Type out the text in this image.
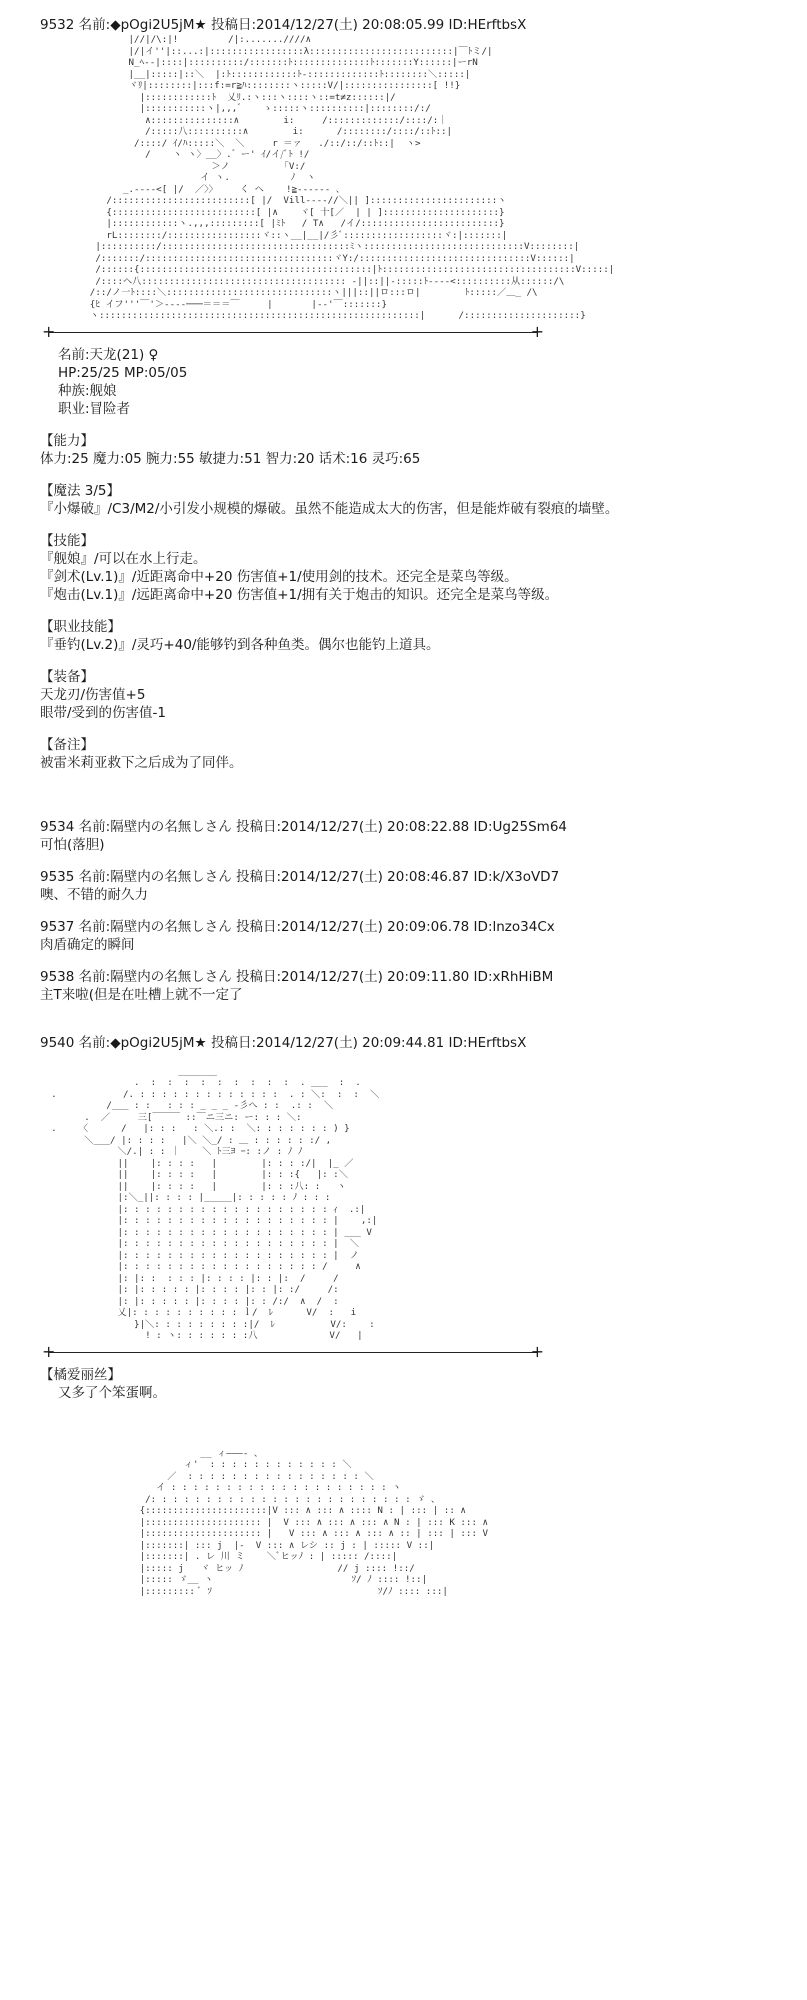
9532 名前:◆pOgi2U5jM★ 投稿日:2014/12/27(土) 20:08:05.99 ID:HErftbsX
|//|/\:|!         /|:.......////∧
|/|イ''|::...:|:::::::::::::::::λ::::::::::::::::::::::::::|￣ﾄミ/|
N_ﾍ--|::::|::::::::::/:::::::ﾄ::::::::::::::ﾄ:::::::Y::::::|ーrN
|__|:::::|::＼  |:ﾄ::::::::::::ﾄ-:::::::::::::ﾄ::::::::＼:::::|
ヾﾘ|::::::::|:::f:=r≧ﾊ::::::::ヽ:::::V/|::::::::::::::::[ !!}
|::::::::::::ﾄ  乂ﾘ.:ヽ:::ヽ::::ヽ::=t≠z::::::|/
|:::::::::::ヽ|,,,゛   ゝ:::::ヽ::::::::::|::::::::/:/
∧:::::::::::::::∧        i:     /:::::::::::::/::::/:｜
/:::::八::::::::::∧        i:      /::::::::/::::/::ﾄ::|
/::::/ ｲ/ﾊ:::::＼  ＼     r ＝ァ   ./::/::/::ﾄ::|  ヽ>
/    ヽ ヽ〉__〉.゛ー' ｲ/イ/ﾞﾄ !/
＞ノ         「V:/
イ ヽ.           ﾉ  ヽ
_.----<[ |/  ／〉〉    く ヘ    !≧------ 、
/:::::::::::::::::::::::::[ |/  Vill----//＼|| ]:::::::::::::::::::::::ヽ
{::::::::::::::::::::::::::[ |∧    ヾ[ 十[／  | | ]:::::::::::::::::::::}
|::::::::::::ヽ.,,,:::::::::[ |ﾐﾄ   / T∧   /イ/:::::::::::::::::::::::::}
rL::::::::/:::::::::::::::::ヾ::ヽ__|__|/彡ﾞ::::::::::::::::::ヾ:|:::::::|
|::::::::::/::::::::::::::::::::::::::::::::::ﾐヽ:::::::::::::::::::::::::::::V::::::::|
/:::::::/::::::::::::::::::::::::::::::::::ヾY:/:::::::::::::::::::::::::::::::V::::::|
/::::::{::::::::::::::::::::::::::::::::::::::::::|ﾄ:::::::::::::::::::::::::::::::::::V:::::|
/::::ヘ八::::::::::::::::::::::::::::::::::::: -||::||-:::::ﾄ----<::::::::::从::::::/\
/::/ノ一ﾄ::::＼::::::::::::::::::::::::::::::ヽ|||::||ロ:::ロ|        ﾄ:::::／＿_ /\
{ﾋ イフ'''￣'＞----───＝＝＝￣     |       |--'￣:::::::}
ヽ::::::::::::::::::::::::::::::::::::::::::::::::::::::::::|      /:::::::::::::::::::::}
+	+
名前:天龙(21) ♀
HP:25/25 MP:05/05
种族:舰娘
职业:冒险者
【能力】
体力:25 魔力:05 腕力:55 敏捷力:51 智力:20 话术:16 灵巧:65
【魔法 3/5】
『小爆破』/C3/M2/小引发小规模的爆破。虽然不能造成太大的伤害，但是能炸破有裂痕的墙壁。
【技能】
『舰娘』/可以在水上行走。
『剑术(Lv.1)』/近距离命中+20 伤害值+1/使用剑的技术。还完全是菜鸟等级。
『炮击(Lv.1)』/远距离命中+20 伤害值+1/拥有关于炮击的知识。还完全是菜鸟等级。
【职业技能】
『垂钓(Lv.2)』/灵巧+40/能够钓到各种鱼类。偶尔也能钓上道具。
【装备】
天龙刃/伤害值+5
眼带/受到的伤害值-1
【备注】
被雷米莉亚救下之后成为了同伴。
9534 名前:隔壁内の名無しさん 投稿日:2014/12/27(土) 20:08:22.88 ID:Ug25Sm64
可怕(落胆)
9535 名前:隔壁内の名無しさん 投稿日:2014/12/27(土) 20:08:46.87 ID:k/X3oVD7
噢、不错的耐久力
9537 名前:隔壁内の名無しさん 投稿日:2014/12/27(土) 20:09:06.78 ID:lnzo34Cx
肉盾确定的瞬间
9538 名前:隔壁内の名無しさん 投稿日:2014/12/27(土) 20:09:11.80 ID:xRhHiBM
主T来啦(但是在吐槽上就不一定了
9540 名前:◆pOgi2U5jM★ 投稿日:2014/12/27(土) 20:09:44.81 ID:HErftbsX
_______
.  :  :  :  :  :  :  :  :  :  . ___  :  .
.            /. : : : : : : : : : : : : :  . : ＼:  :  :  ＼
/___ : :   : : : _ _ _ -彡へ : :  .: :  ＼
.  ／     三[￣￣￣ ::￣ニ三ニ: ー: : : ＼:
.    〈      /   |: : :   : ＼.: :  ＼: : : : : : : ) }
＼___/ |: : : :   |＼ ＼_/ : ＿ : : : : : :/ ,
＼/.| : : ｜    ＼ ﾄ三ﾖ ｰ: :ノ : ﾉ ﾉ
||    |: : : :   |        |: : : :/|  |_ ／
||    |: : : :   |        |: : :{   |: :＼
||    |: : : :   |        |: : :八: :   ヽ
|:＼_||: : : : |_____|: : : : : ﾉ : : :
|: : : : : : : : : : : : : : : : : : : ｨ  .:|
|: : : : : : : : : : : : : : : : : : : |    ,:|
|: : : : : : : : : : : : : : : : : : : | ___ V
|: : : : : : : : : : : : : : : : : : : |  ＼
|: : : : : : : : : : : : : : : : : : : |  ノ
|: : : : : : : : : : : : : : : : : : /     ∧
|: |: :  : : : |: : : : |: : |:  /     /
|: |: : : : : |: : : : |: : |: :/     /:
|: |: : : : : |: : : : |: : /:/  ∧  /  :
乂|: : : : : : : : : : ｌ/  ﾚ      V/  :   i
}|＼: : : : : : : : :|/  ﾚ          V/:    :
! : ヽ: : : : : : :八             V/   |
+	+
【橘爱丽丝】
又多了个笨蛋啊。
__ ィ―――- 、
ィ'  : : : : : : : : : : : : ＼
／  : : : : : : : : : : : : : : : : ＼
イ : : : : : : : : : : : : : : : : : : : : ヽ
/: : : : : : : : : : : : : : : : : : : : : : : : ゞ 、
{::::::::::::::::::::::|V ::: ∧ ::: ∧ :::: N : | ::: | :: ∧
|::::::::::::::::::::: |  V ::: ∧ ::: ∧ ::: ∧ N : | ::: K ::: ∧
|::::::::::::::::::::: |   V ::: ∧ ::: ∧ ::: ∧ :: | ::: | ::: V
|:::::::| ::: j  |-  V ::: ∧ レシ :: j : | ::::: V ::|
|:::::::| . レ 川 ミ    ＼ﾞヒッﾉ : | ::::: /::::|
|::::: j   ヾ ヒッ ﾉ                 // j :::: !::/
|::::: ゞ__ ヽ                         ｿ/ ﾉ :::: !::|
|::::::::: ﾞ ｿ                              ｿ/ﾉ :::: :::|
